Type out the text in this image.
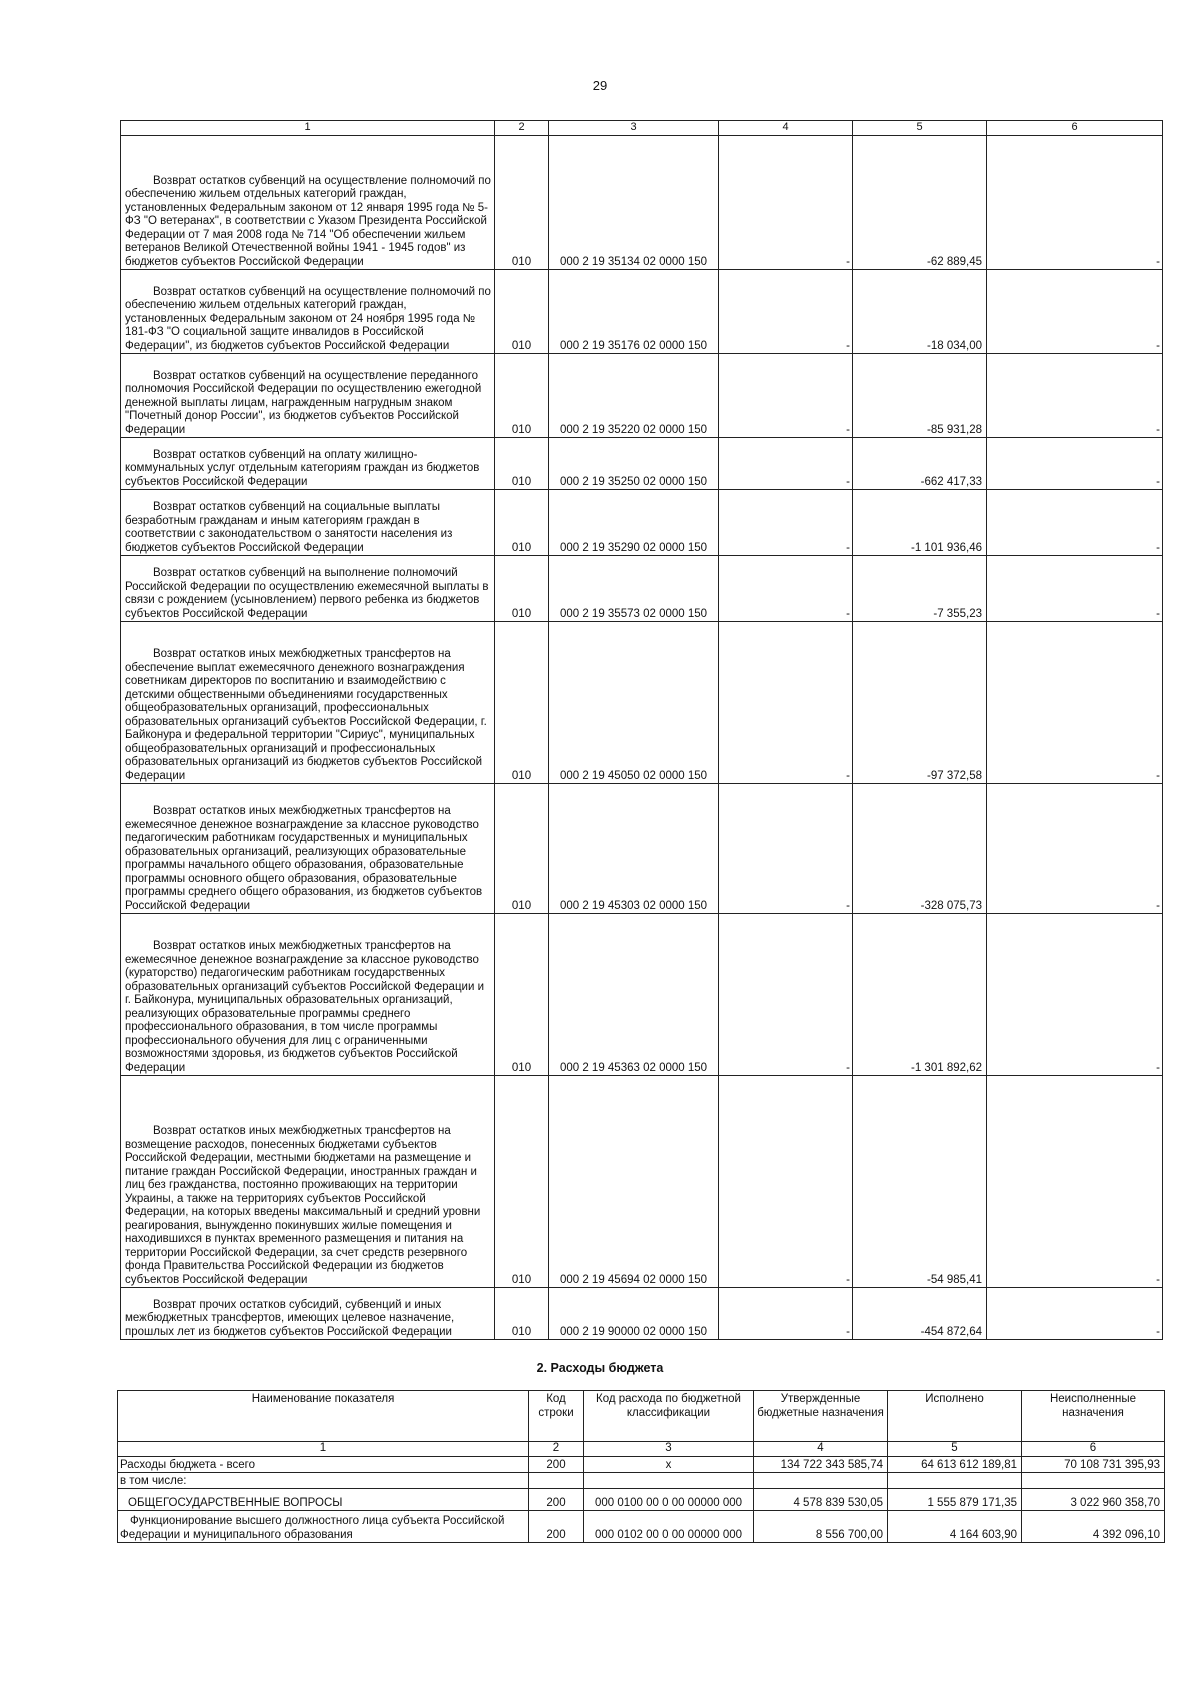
29
1	2	3	4	5	6
Возврат остатков субвенций на осуществление полномочий по обеспечению жильем отдельных категорий граждан, установленных Федеральным законом от 12 января 1995 года № 5-ФЗ "О ветеранах", в соответствии с Указом Президента Российской Федерации от 7 мая 2008 года № 714 "Об обеспечении жильем ветеранов Великой Отечественной войны 1941 - 1945 годов" из бюджетов субъектов Российской Федерации	010	000 2 19 35134 02 0000 150	-	-62 889,45	-
Возврат остатков субвенций на осуществление полномочий по обеспечению жильем отдельных категорий граждан, установленных Федеральным законом от 24 ноября 1995 года № 181-ФЗ "О социальной защите инвалидов в Российской Федерации", из бюджетов субъектов Российской Федерации	010	000 2 19 35176 02 0000 150	-	-18 034,00	-
Возврат остатков субвенций на осуществление переданного полномочия Российской Федерации по осуществлению ежегодной денежной выплаты лицам, награжденным нагрудным знаком "Почетный донор России", из бюджетов субъектов Российской Федерации	010	000 2 19 35220 02 0000 150	-	-85 931,28	-
Возврат остатков субвенций на оплату жилищно-коммунальных услуг отдельным категориям граждан из бюджетов субъектов Российской Федерации	010	000 2 19 35250 02 0000 150	-	-662 417,33	-
Возврат остатков субвенций на социальные выплаты безработным гражданам и иным категориям граждан в соответствии с законодательством о занятости населения из бюджетов субъектов Российской Федерации	010	000 2 19 35290 02 0000 150	-	-1 101 936,46	-
Возврат остатков субвенций на выполнение полномочий Российской Федерации по осуществлению ежемесячной выплаты в связи с рождением (усыновлением) первого ребенка из бюджетов субъектов Российской Федерации	010	000 2 19 35573 02 0000 150	-	-7 355,23	-
Возврат остатков иных межбюджетных трансфертов на обеспечение выплат ежемесячного денежного вознаграждения советникам директоров по воспитанию и взаимодействию с детскими общественными объединениями государственных общеобразовательных организаций, профессиональных образовательных организаций субъектов Российской Федерации, г. Байконура и федеральной территории "Сириус", муниципальных общеобразовательных организаций и профессиональных образовательных организаций из бюджетов субъектов Российской Федерации	010	000 2 19 45050 02 0000 150	-	-97 372,58	-
Возврат остатков иных межбюджетных трансфертов на ежемесячное денежное вознаграждение за классное руководство педагогическим работникам государственных и муниципальных образовательных организаций, реализующих образовательные программы начального общего образования, образовательные программы основного общего образования, образовательные программы среднего общего образования, из бюджетов субъектов Российской Федерации	010	000 2 19 45303 02 0000 150	-	-328 075,73	-
Возврат остатков иных межбюджетных трансфертов на ежемесячное денежное вознаграждение за классное руководство (кураторство) педагогическим работникам государственных образовательных организаций субъектов Российской Федерации и г. Байконура, муниципальных образовательных организаций, реализующих образовательные программы среднего профессионального образования, в том числе программы профессионального обучения для лиц с ограниченными возможностями здоровья, из бюджетов субъектов Российской Федерации	010	000 2 19 45363 02 0000 150	-	-1 301 892,62	-
Возврат остатков иных межбюджетных трансфертов на возмещение расходов, понесенных бюджетами субъектов Российской Федерации, местными бюджетами на размещение и питание граждан Российской Федерации, иностранных граждан и лиц без гражданства, постоянно проживающих на территории Украины, а также на территориях субъектов Российской Федерации, на которых введены максимальный и средний уровни реагирования, вынужденно покинувших жилые помещения и находившихся в пунктах временного размещения и питания на территории Российской Федерации, за счет средств резервного фонда Правительства Российской Федерации из бюджетов субъектов Российской Федерации	010	000 2 19 45694 02 0000 150	-	-54 985,41	-
Возврат прочих остатков субсидий, субвенций и иных межбюджетных трансфертов, имеющих целевое назначение, прошлых лет из бюджетов субъектов Российской Федерации	010	000 2 19 90000 02 0000 150	-	-454 872,64	-
2. Расходы бюджета
Наименование показателя	Код строки	Код расхода по бюджетной классификации	Утвержденные бюджетные назначения	Исполнено	Неисполненные назначения
1	2	3	4	5	6
Расходы бюджета - всего	200	x	134 722 343 585,74	64 613 612 189,81	70 108 731 395,93
в том числе:					
ОБЩЕГОСУДАРСТВЕННЫЕ ВОПРОСЫ	200	000 0100 00 0 00 00000 000	4 578 839 530,05	1 555 879 171,35	3 022 960 358,70
Функционирование высшего должностного лица субъекта Российской Федерации и муниципального образования	200	000 0102 00 0 00 00000 000	8 556 700,00	4 164 603,90	4 392 096,10
